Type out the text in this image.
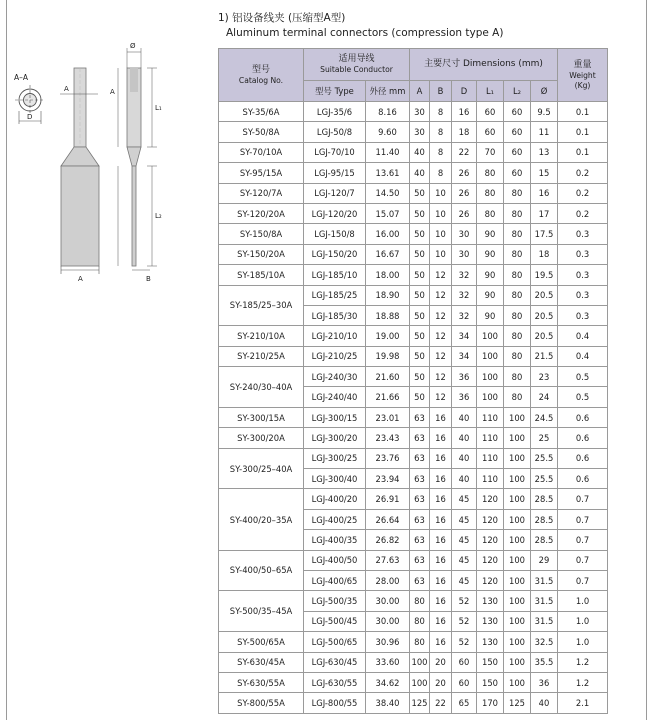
1) 铝设备线夹 (压缩型A型)
Aluminum terminal connectors (compression type A)
A–A
D
A
A
Ø
A
L₁
L₂
B
型号
Catalog No.	适用导线
Suitable Conductor		主要尺寸 Dimensions (mm)						重量
Weight
(Kg)

	型号 Type	外径 mm	A	B	D	L₁	L₂	Ø	
SY-35/6A	LGJ-35/6	8.16	30	8	16	60	60	9.5	0.1
SY-50/8A	LGJ-50/8	9.60	30	8	18	60	60	11	0.1
SY-70/10A	LGJ-70/10	11.40	40	8	22	70	60	13	0.1
SY-95/15A	LGJ-95/15	13.61	40	8	26	80	60	15	0.2
SY-120/7A	LGJ-120/7	14.50	50	10	26	80	80	16	0.2
SY-120/20A	LGJ-120/20	15.07	50	10	26	80	80	17	0.2
SY-150/8A	LGJ-150/8	16.00	50	10	30	90	80	17.5	0.3
SY-150/20A	LGJ-150/20	16.67	50	10	30	90	80	18	0.3
SY-185/10A	LGJ-185/10	18.00	50	12	32	90	80	19.5	0.3
SY-185/25–30A	LGJ-185/25	18.90	50	12	32	90	80	20.5	0.3
	LGJ-185/30	18.88	50	12	32	90	80	20.5	0.3
SY-210/10A	LGJ-210/10	19.00	50	12	34	100	80	20.5	0.4
SY-210/25A	LGJ-210/25	19.98	50	12	34	100	80	21.5	0.4
SY-240/30–40A	LGJ-240/30	21.60	50	12	36	100	80	23	0.5
	LGJ-240/40	21.66	50	12	36	100	80	24	0.5
SY-300/15A	LGJ-300/15	23.01	63	16	40	110	100	24.5	0.6
SY-300/20A	LGJ-300/20	23.43	63	16	40	110	100	25	0.6
SY-300/25–40A	LGJ-300/25	23.76	63	16	40	110	100	25.5	0.6
	LGJ-300/40	23.94	63	16	40	110	100	25.5	0.6
SY-400/20–35A	LGJ-400/20	26.91	63	16	45	120	100	28.5	0.7
	LGJ-400/25	26.64	63	16	45	120	100	28.5	0.7
	LGJ-400/35	26.82	63	16	45	120	100	28.5	0.7
SY-400/50–65A	LGJ-400/50	27.63	63	16	45	120	100	29	0.7
	LGJ-400/65	28.00	63	16	45	120	100	31.5	0.7
SY-500/35–45A	LGJ-500/35	30.00	80	16	52	130	100	31.5	1.0
	LGJ-500/45	30.00	80	16	52	130	100	31.5	1.0
SY-500/65A	LGJ-500/65	30.96	80	16	52	130	100	32.5	1.0
SY-630/45A	LGJ-630/45	33.60	100	20	60	150	100	35.5	1.2
SY-630/55A	LGJ-630/55	34.62	100	20	60	150	100	36	1.2
SY-800/55A	LGJ-800/55	38.40	125	22	65	170	125	40	2.1
